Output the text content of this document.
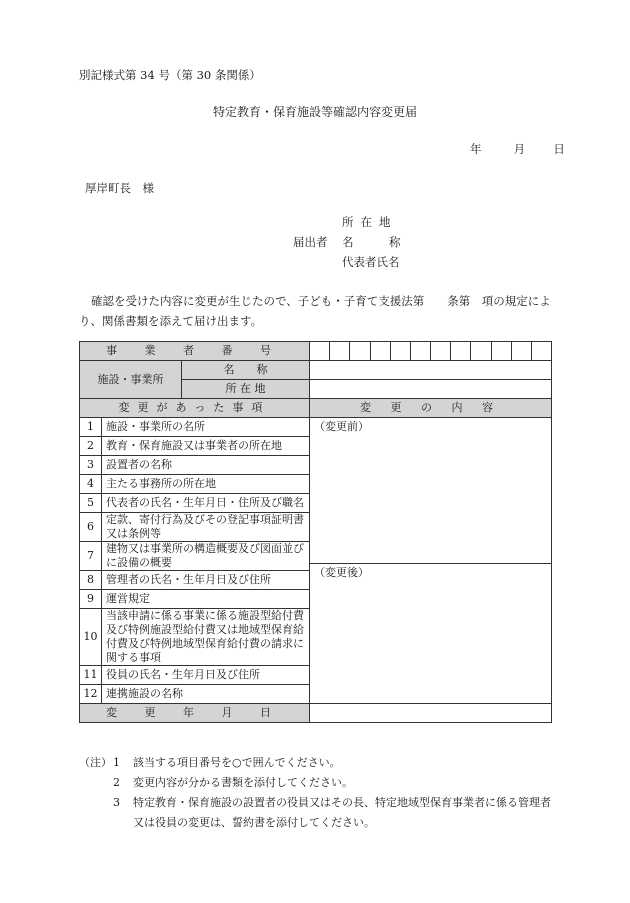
別記様式第 34 号（第 30 条関係）
特定教育・保育施設等確認内容変更届
年	月 日
厚岸町長　様
所在地
届出者 名	称
代表者氏名
確認を受けた内容に変更が生じたので、子ども・子育て支援法第　　条第　項の規定により、関係書類を添えて届け出ます。
事 業 者 番 号			

施設・事業所		名　　称	
		所 在 地	
変更があった事項			変 更 の 内 容
1	施設・事業所の名所		（変更前）
（変更後）

2	教育・保育施設又は事業者の所在地		
3	設置者の名称		
4	主たる事務所の所在地		
5	代表者の氏名・生年月日・住所及び職名		
6	定款、寄付行為及びその登記事項証明書又は条例等		
7	建物又は事業所の構造概要及び図面並びに設備の概要		
8	管理者の氏名・生年月日及び住所		
9	運営規定		
10	当該申請に係る事業に係る施設型給付費及び特例施設型給付費又は地域型保育給付費及び特例地域型保育給付費の請求に関する事項		
11	役員の氏名・生年月日及び住所		
12	連携施設の名称		
変 更 年 月 日			
（注） 1	該当する項目番号を○で囲んでください。
2	変更内容が分かる書類を添付してください。
3	特定教育・保育施設の設置者の役員又はその長、特定地域型保育事業者に係る管理者又は役員の変更は、誓約書を添付してください。
